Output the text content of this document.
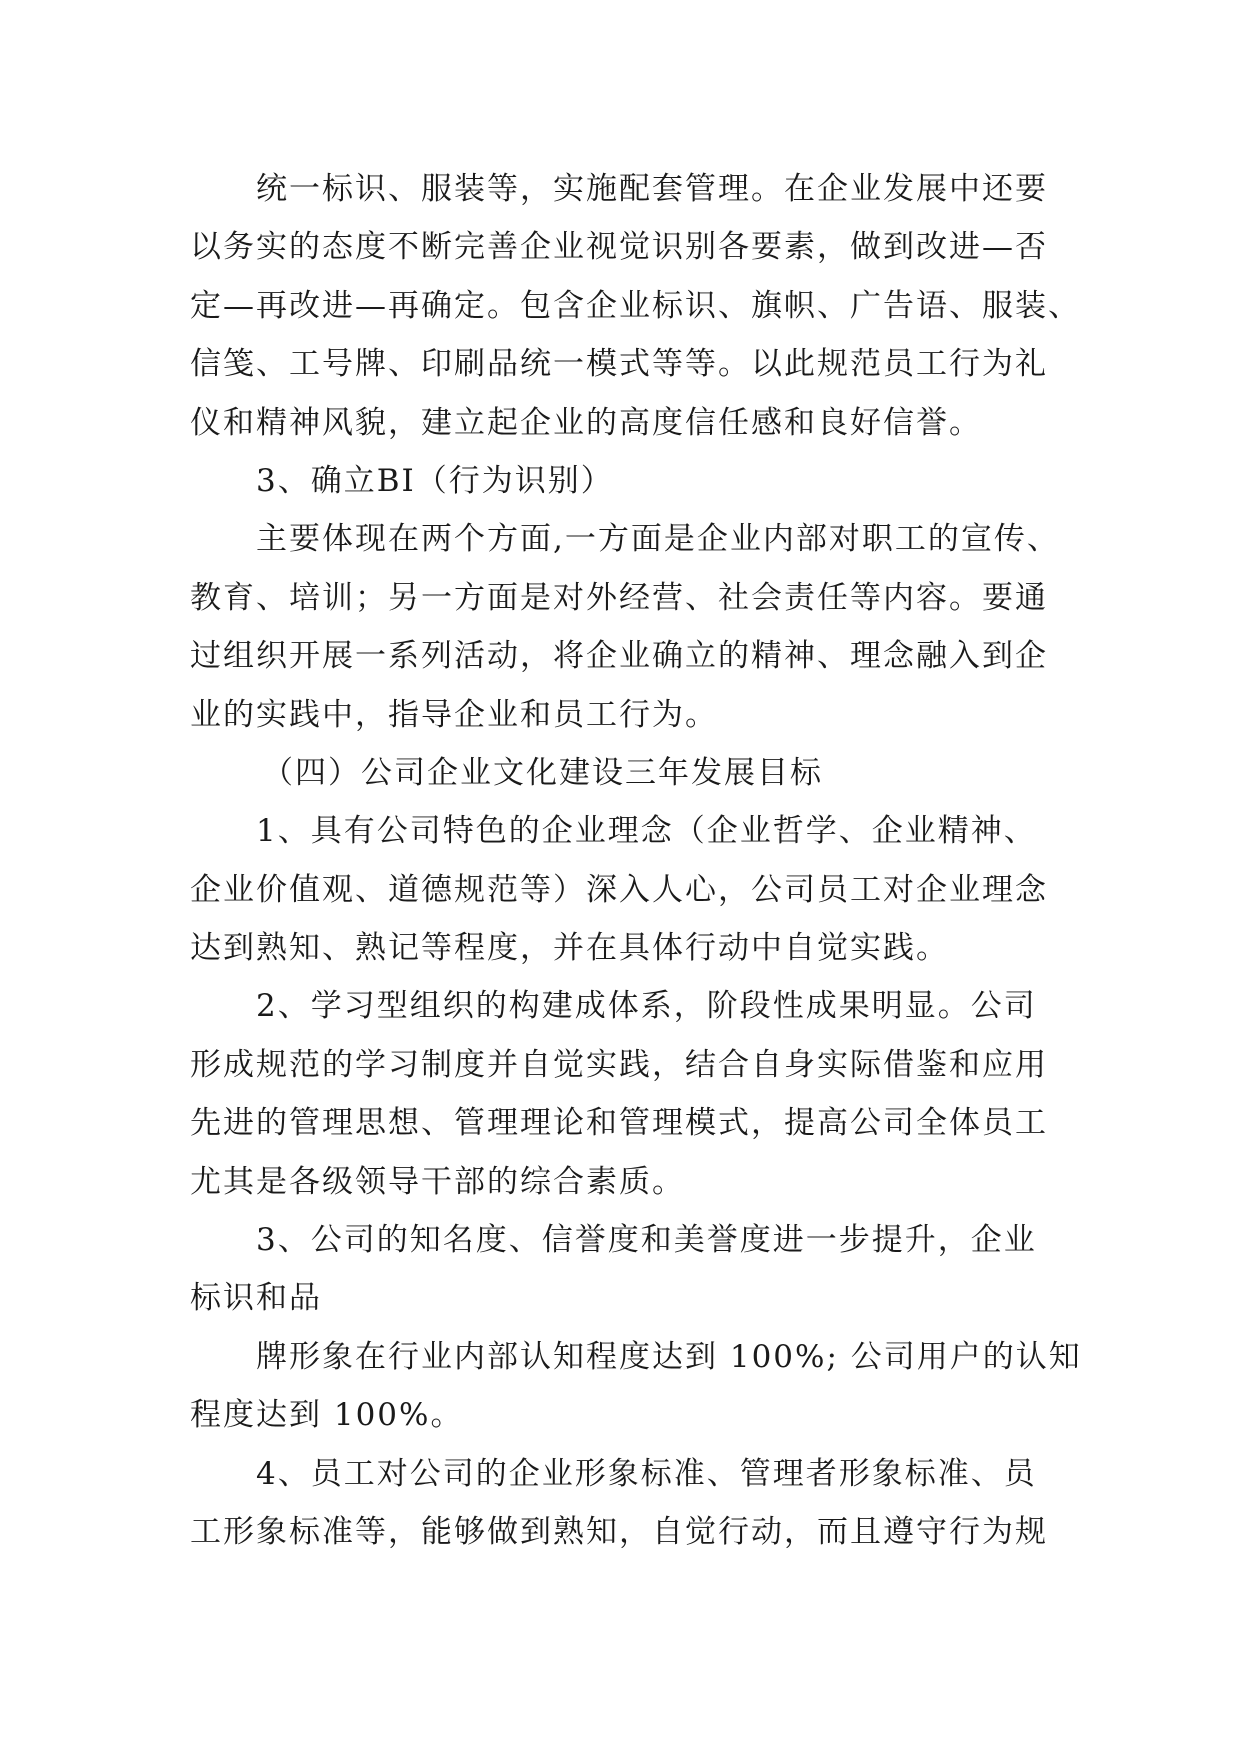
统一标识、服装等，实施配套管理。在企业发展中还要
以务实的态度不断完善企业视觉识别各要素，做到改进—否
定—再改进—再确定。包含企业标识、旗帜、广告语、服装、
信笺、工号牌、印刷品统一模式等等。以此规范员工行为礼
仪和精神风貌，建立起企业的高度信任感和良好信誉。
3、确立BI（行为识别）
主要体现在两个方面,一方面是企业内部对职工的宣传、
教育、培训；另一方面是对外经营、社会责任等内容。要通
过组织开展一系列活动，将企业确立的精神、理念融入到企
业的实践中，指导企业和员工行为。
（四）公司企业文化建设三年发展目标
1、具有公司特色的企业理念（企业哲学、企业精神、
企业价值观、道德规范等）深入人心，公司员工对企业理念
达到熟知、熟记等程度，并在具体行动中自觉实践。
2、学习型组织的构建成体系，阶段性成果明显。公司
形成规范的学习制度并自觉实践，结合自身实际借鉴和应用
先进的管理思想、管理理论和管理模式，提高公司全体员工
尤其是各级领导干部的综合素质。
3、公司的知名度、信誉度和美誉度进一步提升，企业
标识和品
牌形象在行业内部认知程度达到 100%; 公司用户的认知
程度达到 100%。
4、员工对公司的企业形象标准、管理者形象标准、员
工形象标准等，能够做到熟知，自觉行动，而且遵守行为规
